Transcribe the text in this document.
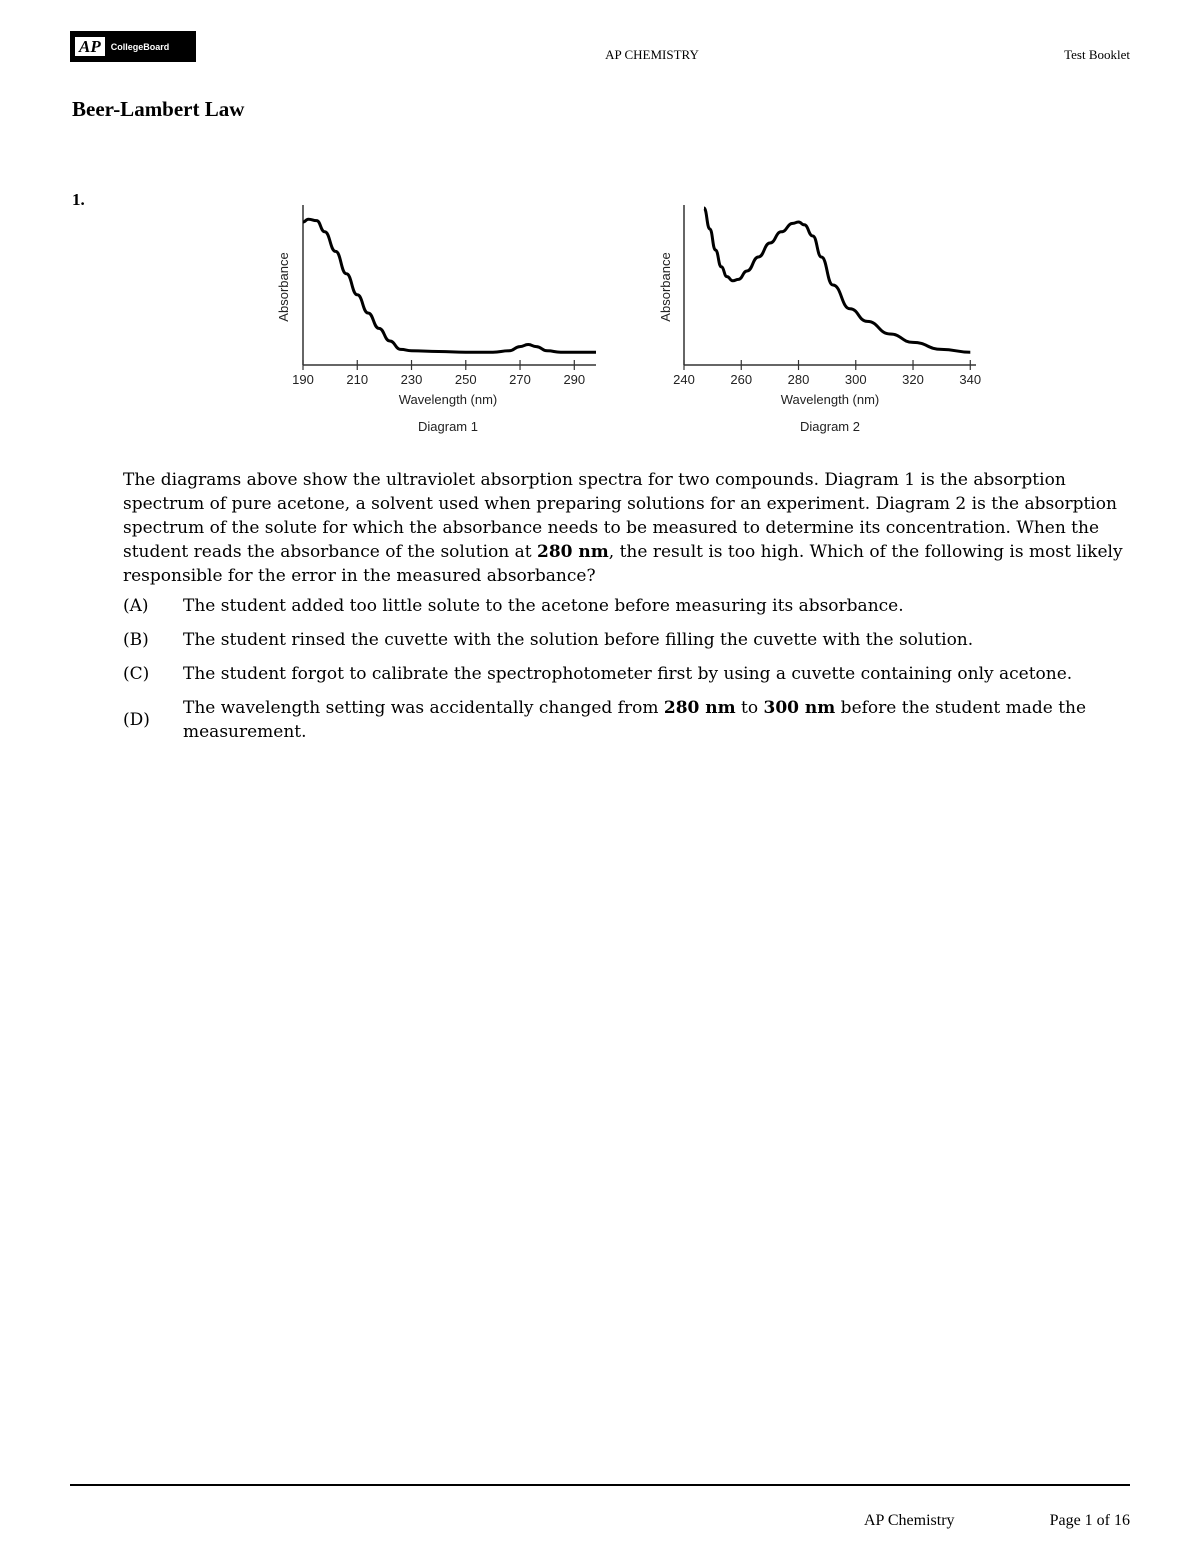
AP	CollegeBoard
AP CHEMISTRY	Test Booklet
Beer-Lambert Law
1.
190	210	230	250	270	290
Absorbance
Wavelength (nm)
Diagram 1
240	260	280	300	320	340
Absorbance
Wavelength (nm)
Diagram 2
The diagrams above show the ultraviolet absorption spectra for two compounds. Diagram 1 is the absorption spectrum of pure acetone, a solvent used when preparing solutions for an experiment. Diagram 2 is the absorption spectrum of the solute for which the absorbance needs to be measured to determine its concentration. When the student reads the absorbance of the solution at 280 nm, the result is too high. Which of the following is most likely responsible for the error in the measured absorbance?
(A)	The student added too little solute to the acetone before measuring its absorbance.
(B)	The student rinsed the cuvette with the solution before filling the cuvette with the solution.
(C)	The student forgot to calibrate the spectrophotometer first by using a cuvette containing only acetone.
(D)
The wavelength setting was accidentally changed from 280 nm to 300 nm before the student made the measurement.
AP Chemistry	Page 1 of 16
